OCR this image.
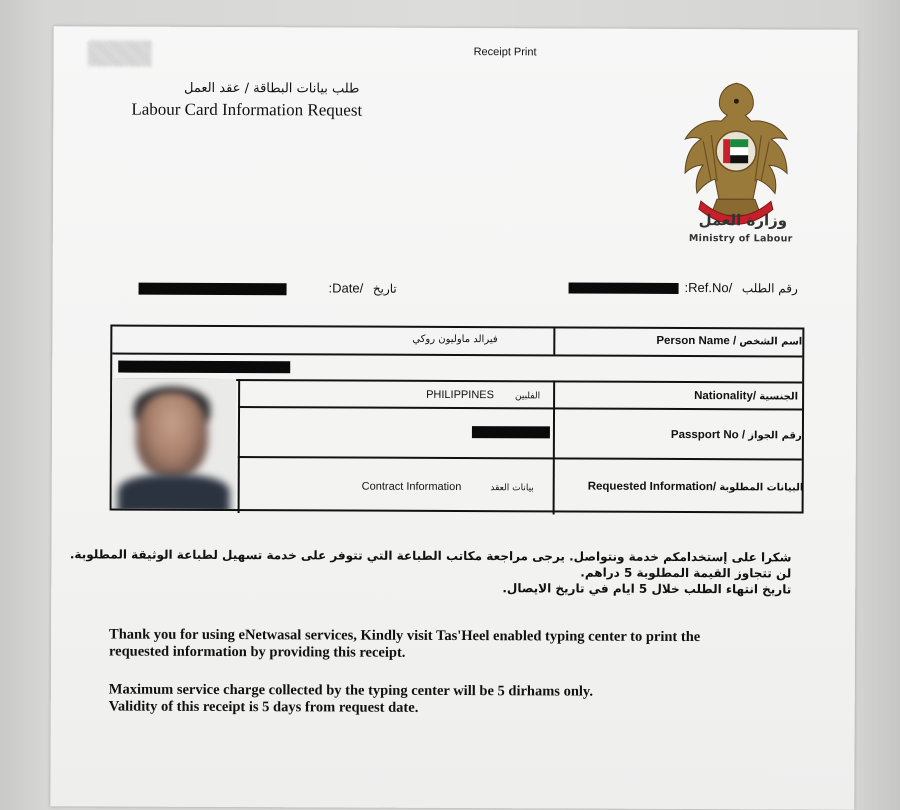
Receipt Print
طلب بيانات البطاقة / عقد العمل
Labour Card Information Request
وزارة العمل
Ministry of Labour
:Date/ تاريخ	:Ref.No/ رقم الطلب
فيرالد ماوليون روكي	Person Name / اسم الشخص
PHILIPPINES الفلبين	Nationality/ الجنسية
Passport No / رقم الجواز
Contract Information	بيانات العقد	Requested Information/ البيانات المطلوبة
شكرا على إستخدامكم خدمة ونتواصل. يرجى مراجعة مكاتب الطباعة التي تتوفر على خدمة تسهيل لطباعة الوثيقة المطلوبة.
لن تتجاوز القيمة المطلوبة 5 دراهم.
تاريخ انتهاء الطلب خلال 5 ايام في تاريخ الايصال.
Thank you for using eNetwasal services, Kindly visit Tas'Heel enabled typing center to print the
requested information by providing this receipt.
Maximum service charge collected by the typing center will be 5 dirhams only.
Validity of this receipt is 5 days from request date.
